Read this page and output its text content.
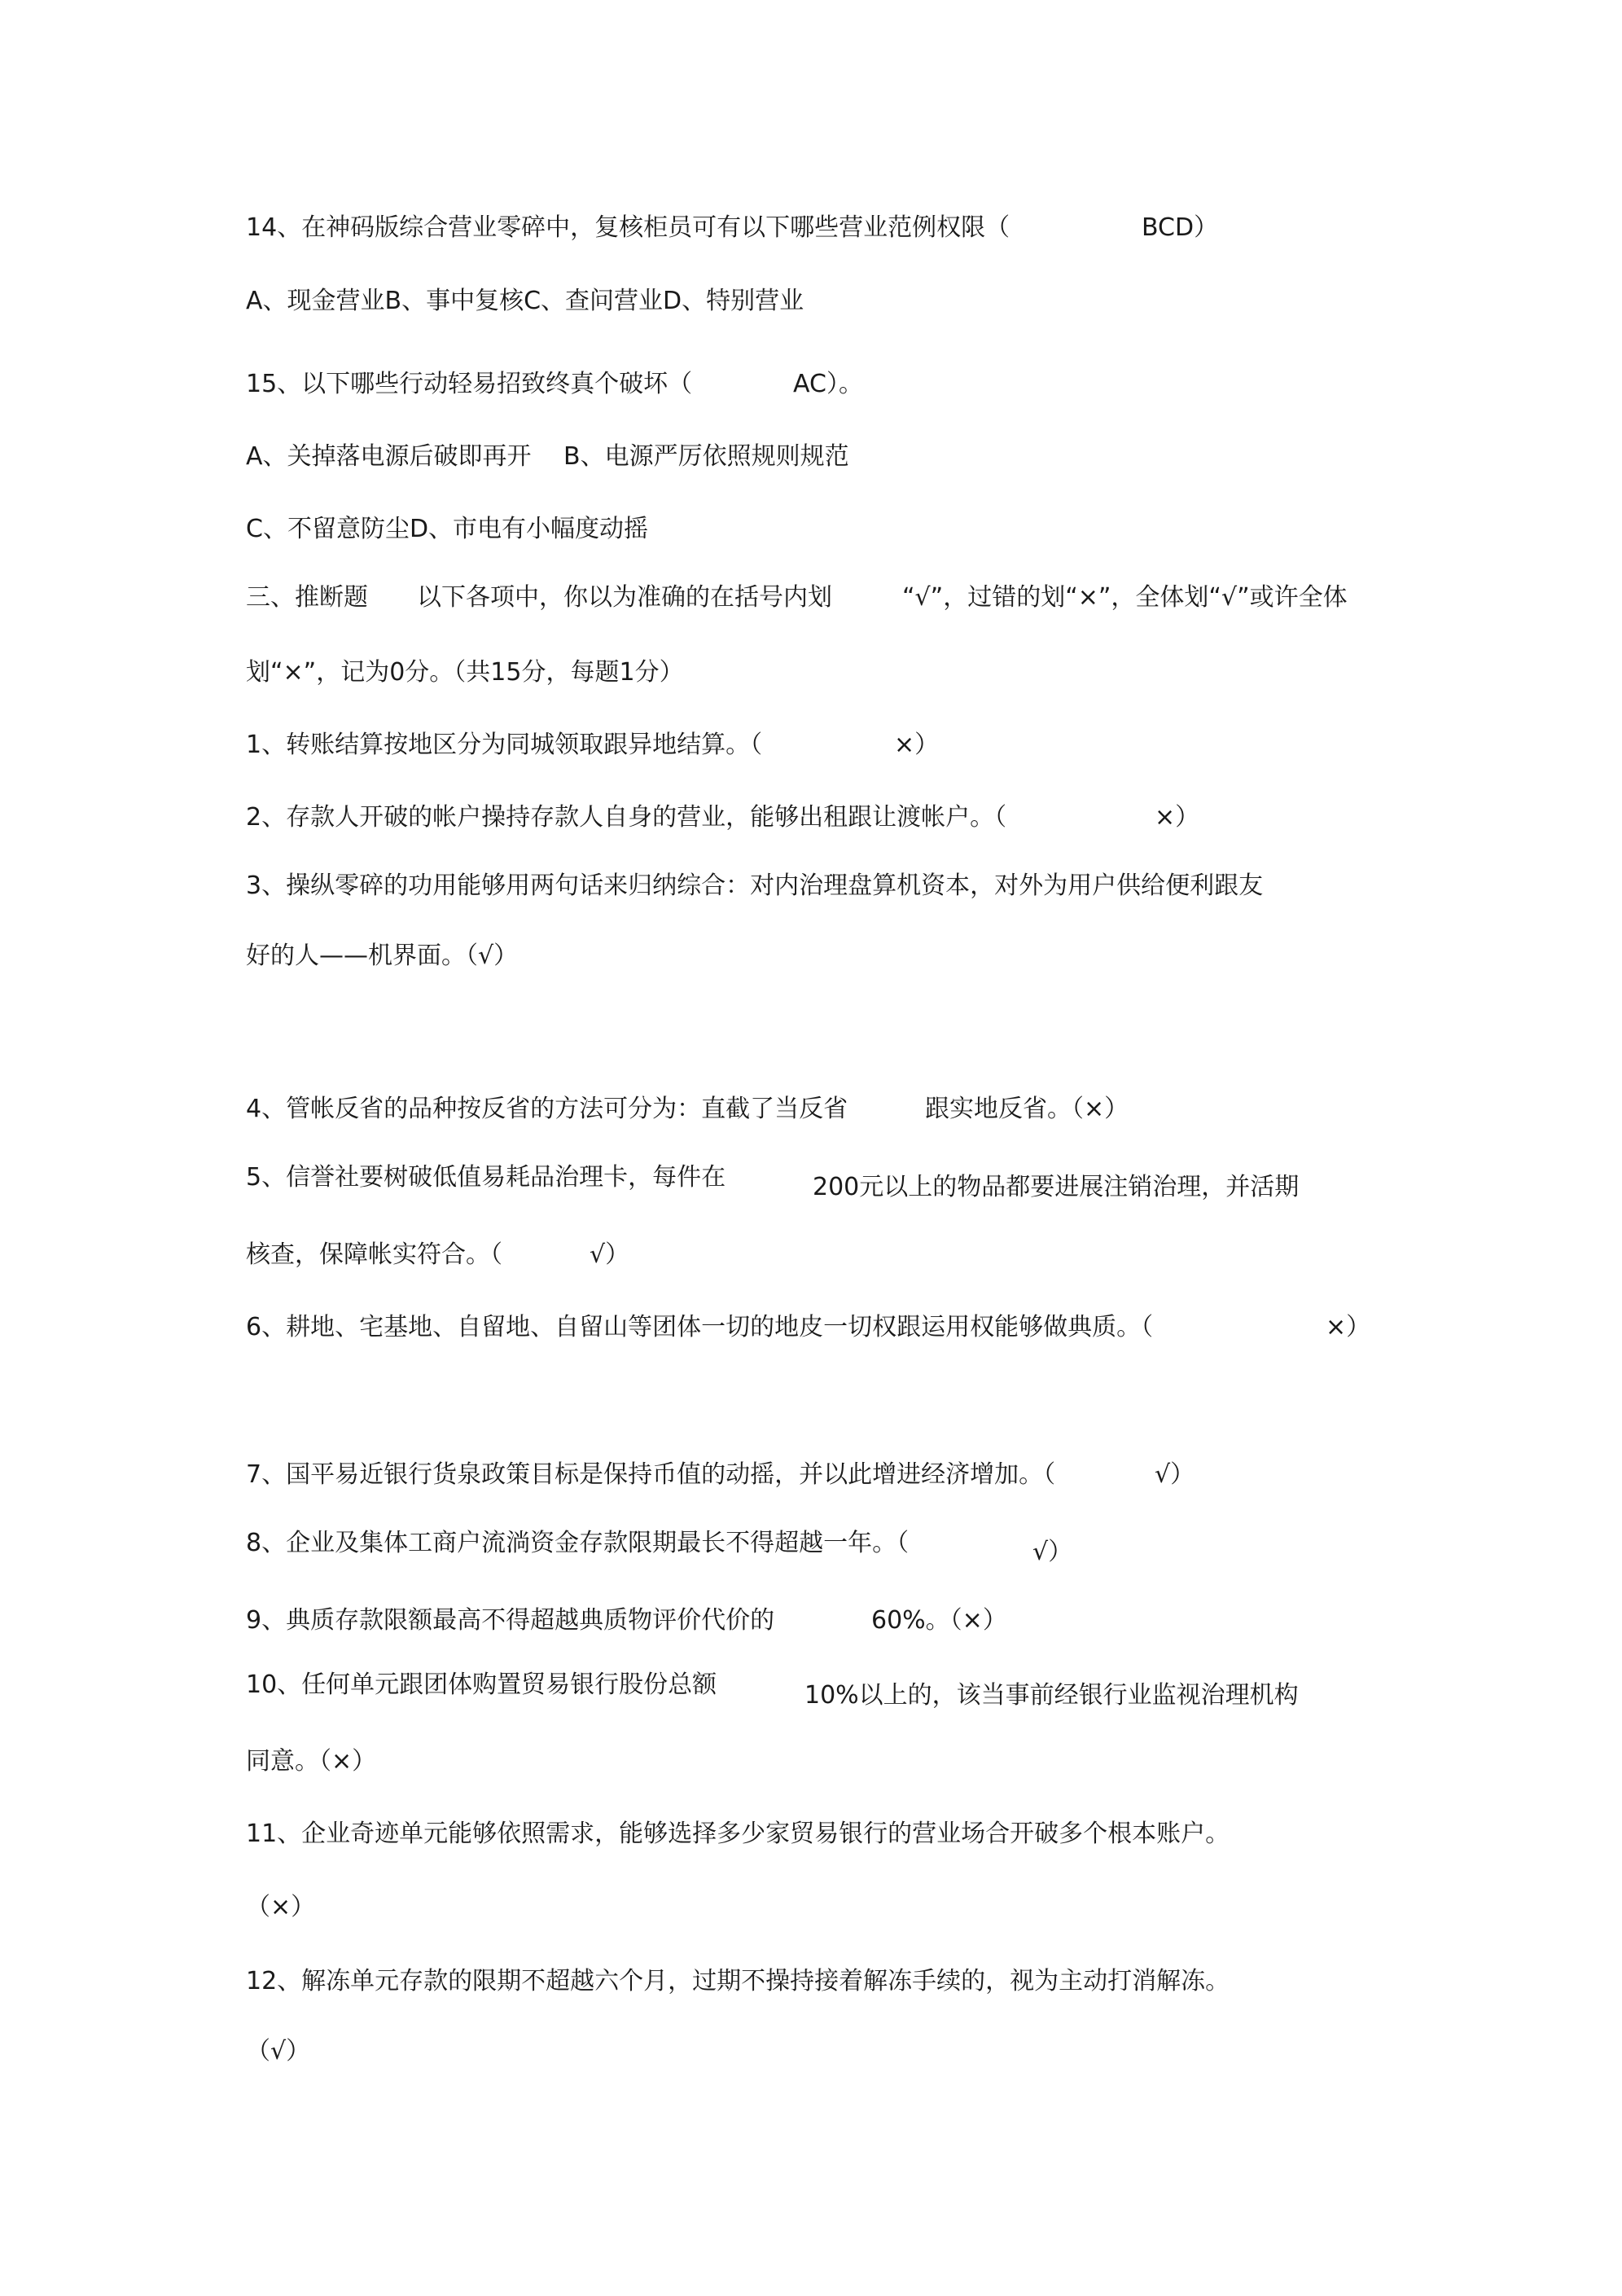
14、在神码版综合营业零碎中，复核柜员可有以下哪些营业范例权限（	BCD）
A、现金营业B、事中复核C、查问营业D、特别营业
15、以下哪些行动轻易招致终真个破坏（	AC）。
A、关掉落电源后破即再开 B、电源严厉依照规则规范
C、不留意防尘D、市电有小幅度动摇
三、推断题 以下各项中，你以为准确的在括号内划	“√”，过错的划“×”，全体划“√”或许全体
划“×”，记为0分。（共15分，每题1分）
1、转账结算按地区分为同城领取跟异地结算。（	×）
2、存款人开破的帐户操持存款人自身的营业，能够出租跟让渡帐户。（	×）
3、操纵零碎的功用能够用两句话来归纳综合：对内治理盘算机资本，对外为用户供给便利跟友
好的人——机界面。（√）
4、管帐反省的品种按反省的方法可分为：直截了当反省	跟实地反省。（×）
5、信誉社要树破低值易耗品治理卡，每件在	200元以上的物品都要进展注销治理，并活期
核查，保障帐实符合。（	√）
6、耕地、宅基地、自留地、自留山等团体一切的地皮一切权跟运用权能够做典质。（	×）
7、国平易近银行货泉政策目标是保持币值的动摇，并以此增进经济增加。（	√）
8、企业及集体工商户流淌资金存款限期最长不得超越一年。（	√）
9、典质存款限额最高不得超越典质物评价代价的	60%。（×）
10、任何单元跟团体购置贸易银行股份总额	10%以上的，该当事前经银行业监视治理机构
同意。（×）
11、企业奇迹单元能够依照需求，能够选择多少家贸易银行的营业场合开破多个根本账户。
（×）
12、解冻单元存款的限期不超越六个月，过期不操持接着解冻手续的，视为主动打消解冻。
（√）
